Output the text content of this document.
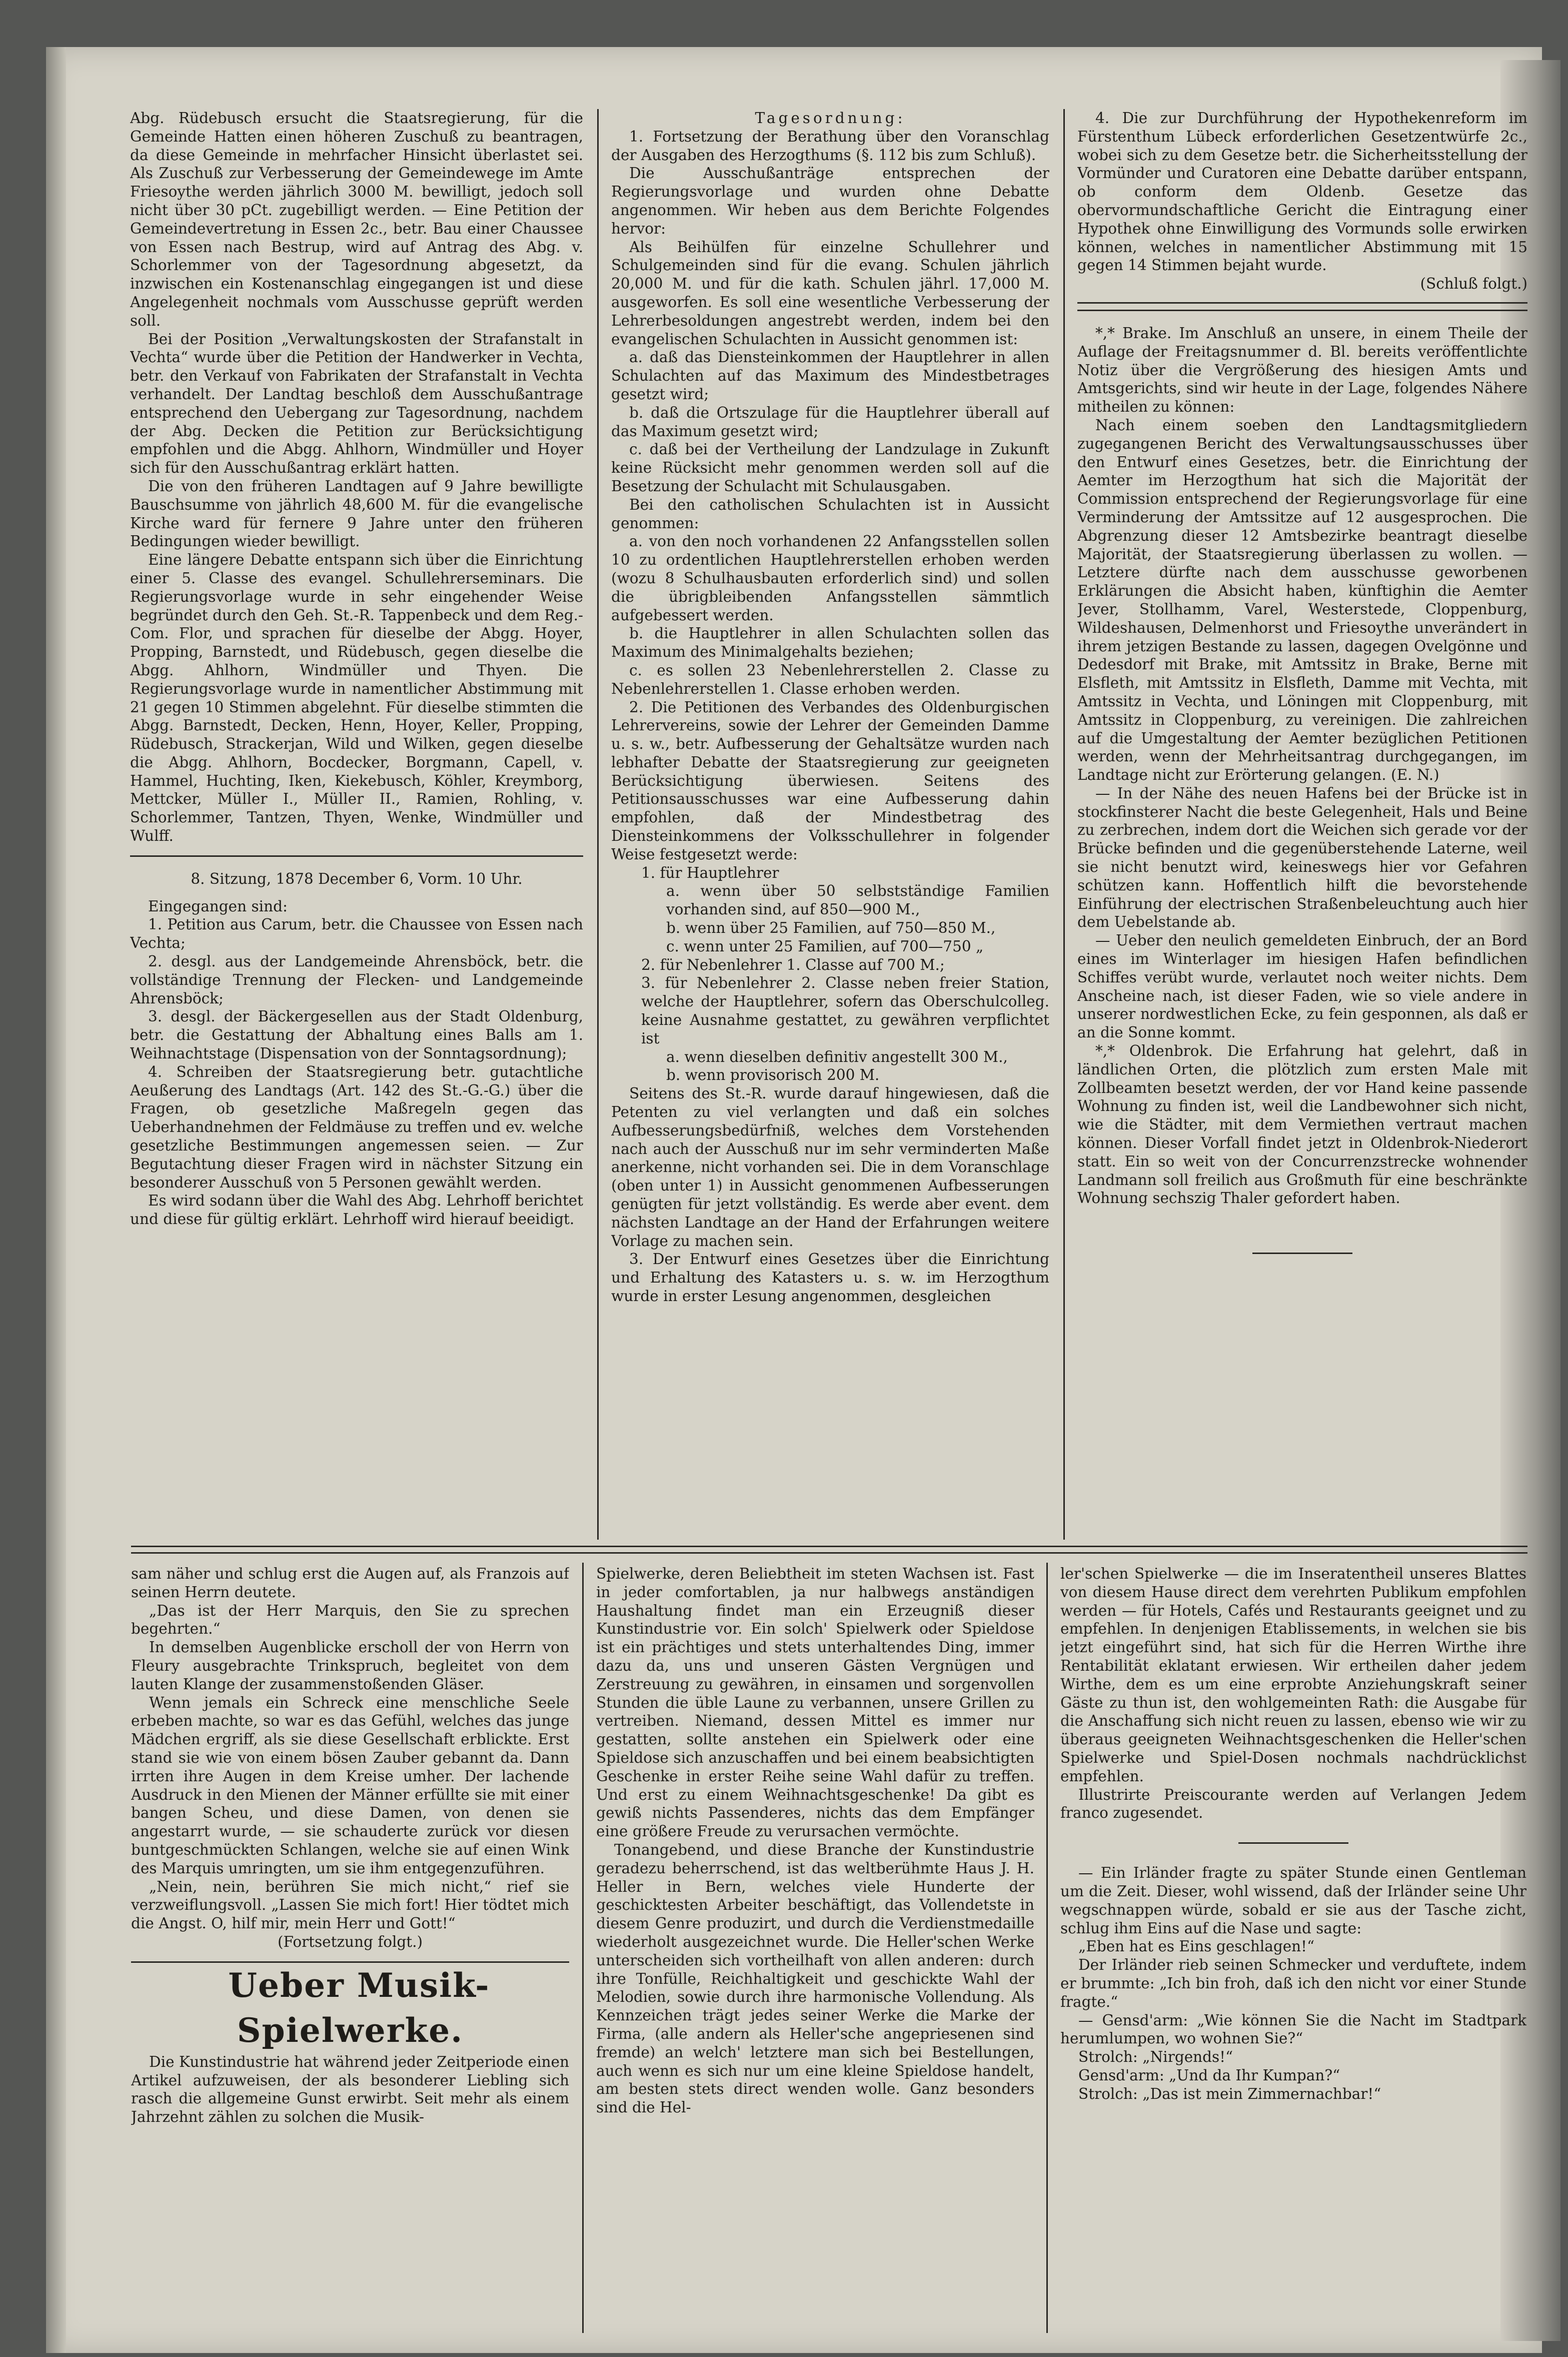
Abg. Rüdebusch ersucht die Staatsregierung, für die Gemeinde Hatten einen höheren Zuschuß zu beantragen, da diese Gemeinde in mehrfacher Hinsicht überlastet sei. Als Zuschuß zur Verbesserung der Gemeindewege im Amte Friesoythe werden jährlich 3000 M. bewilligt, jedoch soll nicht über 30 pCt. zugebilligt werden. — Eine Petition der Gemeindevertretung in Essen 2c., betr. Bau einer Chaussee von Essen nach Bestrup, wird auf Antrag des Abg. v. Schorlemmer von der Tagesordnung abgesetzt, da inzwischen ein Kostenanschlag eingegangen ist und diese Angelegenheit nochmals vom Ausschusse geprüft werden soll.

Bei der Position „Verwaltungskosten der Strafanstalt in Vechta“ wurde über die Petition der Handwerker in Vechta, betr. den Verkauf von Fabrikaten der Strafanstalt in Vechta verhandelt. Der Landtag beschloß dem Ausschußantrage entsprechend den Uebergang zur Tagesordnung, nachdem der Abg. Decken die Petition zur Berücksichtigung empfohlen und die Abgg. Ahlhorn, Windmüller und Hoyer sich für den Ausschußantrag erklärt hatten.

Die von den früheren Landtagen auf 9 Jahre bewilligte Bauschsumme von jährlich 48,600 M. für die evangelische Kirche ward für fernere 9 Jahre unter den früheren Bedingungen wieder bewilligt.

Eine längere Debatte entspann sich über die Einrichtung einer 5. Classe des evangel. Schullehrerseminars. Die Regierungsvorlage wurde in sehr eingehender Weise begründet durch den Geh. St.-R. Tappenbeck und dem Reg.-Com. Flor, und sprachen für dieselbe der Abgg. Hoyer, Propping, Barnstedt, und Rüdebusch, gegen dieselbe die Abgg. Ahlhorn, Windmüller und Thyen. Die Regierungsvorlage wurde in namentlicher Abstimmung mit 21 gegen 10 Stimmen abgelehnt. Für dieselbe stimmten die Abgg. Barnstedt, Decken, Henn, Hoyer, Keller, Propping, Rüdebusch, Strackerjan, Wild und Wilken, gegen dieselbe die Abgg. Ahlhorn, Bocdecker, Borgmann, Capell, v. Hammel, Huchting, Iken, Kiekebusch, Köhler, Kreymborg, Mettcker, Müller I., Müller II., Ramien, Rohling, v. Schorlemmer, Tantzen, Thyen, Wenke, Windmüller und Wulff.

8. Sitzung, 1878 December 6, Vorm. 10 Uhr.

Eingegangen sind:

1. Petition aus Carum, betr. die Chaussee von Essen nach Vechta;

2. desgl. aus der Landgemeinde Ahrensböck, betr. die vollständige Trennung der Flecken- und Landgemeinde Ahrensböck;

3. desgl. der Bäckergesellen aus der Stadt Oldenburg, betr. die Gestattung der Abhaltung eines Balls am 1. Weihnachtstage (Dispensation von der Sonntagsordnung);

4. Schreiben der Staatsregierung betr. gutachtliche Aeußerung des Landtags (Art. 142 des St.-G.-G.) über die Fragen, ob gesetzliche Maßregeln gegen das Ueberhandnehmen der Feldmäuse zu treffen und ev. welche gesetzliche Bestimmungen angemessen seien. — Zur Begutachtung dieser Fragen wird in nächster Sitzung ein besonderer Ausschuß von 5 Personen gewählt werden.

Es wird sodann über die Wahl des Abg. Lehrhoff berichtet und diese für gültig erklärt. Lehrhoff wird hierauf beeidigt.

Tagesordnung:

1. Fortsetzung der Berathung über den Voranschlag der Ausgaben des Herzogthums (§. 112 bis zum Schluß).

Die Ausschußanträge entsprechen der Regierungsvorlage und wurden ohne Debatte angenommen. Wir heben aus dem Berichte Folgendes hervor:

Als Beihülfen für einzelne Schullehrer und Schulgemeinden sind für die evang. Schulen jährlich 20,000 M. und für die kath. Schulen jährl. 17,000 M. ausgeworfen. Es soll eine wesentliche Verbesserung der Lehrerbesoldungen angestrebt werden, indem bei den evangelischen Schulachten in Aussicht genommen ist:

a. daß das Diensteinkommen der Hauptlehrer in allen Schulachten auf das Maximum des Mindestbetrages gesetzt wird;

b. daß die Ortszulage für die Hauptlehrer überall auf das Maximum gesetzt wird;

c. daß bei der Vertheilung der Landzulage in Zukunft keine Rücksicht mehr genommen werden soll auf die Besetzung der Schulacht mit Schulausgaben.

Bei den catholischen Schulachten ist in Aussicht genommen:

a. von den noch vorhandenen 22 Anfangsstellen sollen 10 zu ordentlichen Hauptlehrerstellen erhoben werden (wozu 8 Schulhausbauten erforderlich sind) und sollen die übrigbleibenden Anfangsstellen sämmtlich aufgebessert werden.

b. die Hauptlehrer in allen Schulachten sollen das Maximum des Minimalgehalts beziehen;

c. es sollen 23 Nebenlehrerstellen 2. Classe zu Nebenlehrerstellen 1. Classe erhoben werden.

2. Die Petitionen des Verbandes des Oldenburgischen Lehrervereins, sowie der Lehrer der Gemeinden Damme u. s. w., betr. Aufbesserung der Gehaltsätze wurden nach lebhafter Debatte der Staatsregierung zur geeigneten Berücksichtigung überwiesen. Seitens des Petitionsausschusses war eine Aufbesserung dahin empfohlen, daß der Mindestbetrag des Diensteinkommens der Volksschullehrer in folgender Weise festgesetzt werde:

1. für Hauptlehrer

a. wenn über 50 selbstständige Familien vorhanden sind, auf 850—900 M.,

b. wenn über 25 Familien, auf 750—850 M.,

c. wenn unter 25 Familien, auf 700—750 „

2. für Nebenlehrer 1. Classe auf 700 M.;

3. für Nebenlehrer 2. Classe neben freier Station, welche der Hauptlehrer, sofern das Oberschulcolleg. keine Ausnahme gestattet, zu gewähren verpflichtet ist

a. wenn dieselben definitiv angestellt 300 M.,

b. wenn provisorisch 200 M.

Seitens des St.-R. wurde darauf hingewiesen, daß die Petenten zu viel verlangten und daß ein solches Aufbesserungsbedürfniß, welches dem Vorstehenden nach auch der Ausschuß nur im sehr verminderten Maße anerkenne, nicht vorhanden sei. Die in dem Voranschlage (oben unter 1) in Aussicht genommenen Aufbesserungen genügten für jetzt vollständig. Es werde aber event. dem nächsten Landtage an der Hand der Erfahrungen weitere Vorlage zu machen sein.

3. Der Entwurf eines Gesetzes über die Einrichtung und Erhaltung des Katasters u. s. w. im Herzogthum wurde in erster Lesung angenommen, desgleichen

4. Die zur Durchführung der Hypothekenreform im Fürstenthum Lübeck erforderlichen Gesetzentwürfe 2c., wobei sich zu dem Gesetze betr. die Sicherheitsstellung der Vormünder und Curatoren eine Debatte darüber entspann, ob conform dem Oldenb. Gesetze das obervormundschaftliche Gericht die Eintragung einer Hypothek ohne Einwilligung des Vormunds solle erwirken können, welches in namentlicher Abstimmung mit 15 gegen 14 Stimmen bejaht wurde.

(Schluß folgt.)

*,* Brake. Im Anschluß an unsere, in einem Theile der Auflage der Freitagsnummer d. Bl. bereits veröffentlichte Notiz über die Vergrößerung des hiesigen Amts und Amtsgerichts, sind wir heute in der Lage, folgendes Nähere mitheilen zu können:

Nach einem soeben den Landtagsmitgliedern zugegangenen Bericht des Verwaltungsausschusses über den Entwurf eines Gesetzes, betr. die Einrichtung der Aemter im Herzogthum hat sich die Majorität der Commission entsprechend der Regierungsvorlage für eine Verminderung der Amtssitze auf 12 ausgesprochen. Die Abgrenzung dieser 12 Amtsbezirke beantragt dieselbe Majorität, der Staatsregierung überlassen zu wollen. — Letztere dürfte nach dem ausschusse geworbenen Erklärungen die Absicht haben, künftighin die Aemter Jever, Stollhamm, Varel, Westerstede, Cloppenburg, Wildeshausen, Delmenhorst und Friesoythe unverändert in ihrem jetzigen Bestande zu lassen, dagegen Ovelgönne und Dedesdorf mit Brake, mit Amtssitz in Brake, Berne mit Elsfleth, mit Amtssitz in Elsfleth, Damme mit Vechta, mit Amtssitz in Vechta, und Löningen mit Cloppenburg, mit Amtssitz in Cloppenburg, zu vereinigen. Die zahlreichen auf die Umgestaltung der Aemter bezüglichen Petitionen werden, wenn der Mehrheitsantrag durchgegangen, im Landtage nicht zur Erörterung gelangen. (E. N.)

— In der Nähe des neuen Hafens bei der Brücke ist in stockfinsterer Nacht die beste Gelegenheit, Hals und Beine zu zerbrechen, indem dort die Weichen sich gerade vor der Brücke befinden und die gegenüberstehende Laterne, weil sie nicht benutzt wird, keineswegs hier vor Gefahren schützen kann. Hoffentlich hilft die bevorstehende Einführung der electrischen Straßenbeleuchtung auch hier dem Uebelstande ab.

— Ueber den neulich gemeldeten Einbruch, der an Bord eines im Winterlager im hiesigen Hafen befindlichen Schiffes verübt wurde, verlautet noch weiter nichts. Dem Anscheine nach, ist dieser Faden, wie so viele andere in unserer nordwestlichen Ecke, zu fein gesponnen, als daß er an die Sonne kommt.

*,* Oldenbrok. Die Erfahrung hat gelehrt, daß in ländlichen Orten, die plötzlich zum ersten Male mit Zollbeamten besetzt werden, der vor Hand keine passende Wohnung zu finden ist, weil die Landbewohner sich nicht, wie die Städter, mit dem Vermiethen vertraut machen können. Dieser Vorfall findet jetzt in Oldenbrok-Niederort statt. Ein so weit von der Concurrenzstrecke wohnender Landmann soll freilich aus Großmuth für eine beschränkte Wohnung sechszig Thaler gefordert haben.

sam näher und schlug erst die Augen auf, als Franzois auf seinen Herrn deutete.

„Das ist der Herr Marquis, den Sie zu sprechen begehrten.“

In demselben Augenblicke erscholl der von Herrn von Fleury ausgebrachte Trinkspruch, begleitet von dem lauten Klange der zusammenstoßenden Gläser.

Wenn jemals ein Schreck eine menschliche Seele erbeben machte, so war es das Gefühl, welches das junge Mädchen ergriff, als sie diese Gesellschaft erblickte. Erst stand sie wie von einem bösen Zauber gebannt da. Dann irrten ihre Augen in dem Kreise umher. Der lachende Ausdruck in den Mienen der Männer erfüllte sie mit einer bangen Scheu, und diese Damen, von denen sie angestarrt wurde, — sie schauderte zurück vor diesen buntgeschmückten Schlangen, welche sie auf einen Wink des Marquis umringten, um sie ihm entgegenzuführen.

„Nein, nein, berühren Sie mich nicht,“ rief sie verzweiflungsvoll. „Lassen Sie mich fort! Hier tödtet mich die Angst. O, hilf mir, mein Herr und Gott!“

(Fortsetzung folgt.)

Ueber Musik-Spielwerke.

Die Kunstindustrie hat während jeder Zeitperiode einen Artikel aufzuweisen, der als besonderer Liebling sich rasch die allgemeine Gunst erwirbt. Seit mehr als einem Jahrzehnt zählen zu solchen die Musik-

Spielwerke, deren Beliebtheit im steten Wachsen ist. Fast in jeder comfortablen, ja nur halbwegs anständigen Haushaltung findet man ein Erzeugniß dieser Kunstindustrie vor. Ein solch' Spielwerk oder Spieldose ist ein prächtiges und stets unterhaltendes Ding, immer dazu da, uns und unseren Gästen Vergnügen und Zerstreuung zu gewähren, in einsamen und sorgenvollen Stunden die üble Laune zu verbannen, unsere Grillen zu vertreiben. Niemand, dessen Mittel es immer nur gestatten, sollte anstehen ein Spielwerk oder eine Spieldose sich anzuschaffen und bei einem beabsichtigten Geschenke in erster Reihe seine Wahl dafür zu treffen. Und erst zu einem Weihnachtsgeschenke! Da gibt es gewiß nichts Passenderes, nichts das dem Empfänger eine größere Freude zu verursachen vermöchte.

Tonangebend, und diese Branche der Kunstindustrie geradezu beherrschend, ist das weltberühmte Haus J. H. Heller in Bern, welches viele Hunderte der geschicktesten Arbeiter beschäftigt, das Vollendetste in diesem Genre produzirt, und durch die Verdienstmedaille wiederholt ausgezeichnet wurde. Die Heller'schen Werke unterscheiden sich vortheilhaft von allen anderen: durch ihre Tonfülle, Reichhaltigkeit und geschickte Wahl der Melodien, sowie durch ihre harmonische Vollendung. Als Kennzeichen trägt jedes seiner Werke die Marke der Firma, (alle andern als Heller'sche angepriesenen sind fremde) an welch' letztere man sich bei Bestellungen, auch wenn es sich nur um eine kleine Spieldose handelt, am besten stets direct wenden wolle. Ganz besonders sind die Hel-

ler'schen Spielwerke — die im Inseratentheil unseres Blattes von diesem Hause direct dem verehrten Publikum empfohlen werden — für Hotels, Cafés und Restaurants geeignet und zu empfehlen. In denjenigen Etablissements, in welchen sie bis jetzt eingeführt sind, hat sich für die Herren Wirthe ihre Rentabilität eklatant erwiesen. Wir ertheilen daher jedem Wirthe, dem es um eine erprobte Anziehungskraft seiner Gäste zu thun ist, den wohlgemeinten Rath: die Ausgabe für die Anschaffung sich nicht reuen zu lassen, ebenso wie wir zu überaus geeigneten Weihnachtsgeschenken die Heller'schen Spielwerke und Spiel-Dosen nochmals nachdrücklichst empfehlen.

Illustrirte Preiscourante werden auf Verlangen Jedem franco zugesendet.

— Ein Irländer fragte zu später Stunde einen Gentleman um die Zeit. Dieser, wohl wissend, daß der Irländer seine Uhr wegschnappen würde, sobald er sie aus der Tasche zicht, schlug ihm Eins auf die Nase und sagte:

„Eben hat es Eins geschlagen!“

Der Irländer rieb seinen Schmecker und verduftete, indem er brummte: „Ich bin froh, daß ich den nicht vor einer Stunde fragte.“

— Gensd'arm: „Wie können Sie die Nacht im Stadtpark herumlumpen, wo wohnen Sie?“

Strolch: „Nirgends!“

Gensd'arm: „Und da Ihr Kumpan?“

Strolch: „Das ist mein Zimmernachbar!“
